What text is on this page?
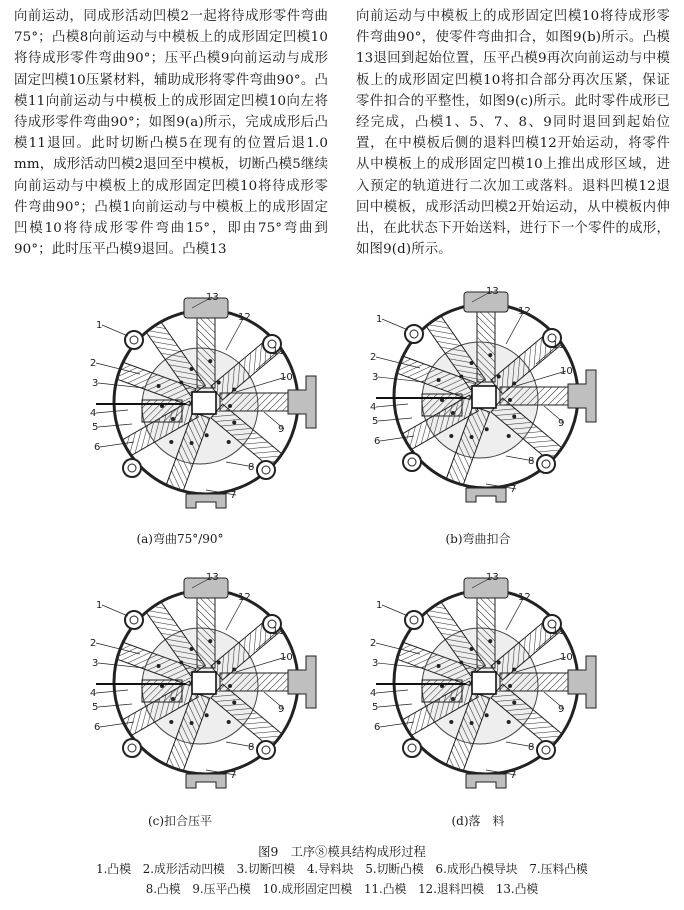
向前运动，同成形活动凹模2一起将待成形零件弯曲75°；凸模8向前运动与中模板上的成形固定凹模10将待成形零件弯曲90°；压平凸模9向前运动与成形固定凹模10压紧材料，辅助成形将零件弯曲90°。凸模11向前运动与中模板上的成形固定凹模10向左将待成形零件弯曲90°；如图9(a)所示，完成成形后凸模11退回。此时切断凸模5在现有的位置后退1.0 mm，成形活动凹模2退回至中模板，切断凸模5继续向前运动与中模板上的成形固定凹模10将待成形零件弯曲90°；凸模1向前运动与中模板上的成形固定凹模10将待成形零件弯曲15°，即由75°弯曲到90°；此时压平凸模9退回。凸模13

向前运动与中模板上的成形固定凹模10将待成形零件弯曲90°，使零件弯曲扣合，如图9(b)所示。凸模13退回到起始位置，压平凸模9再次向前运动与中模板上的成形固定凹模10将扣合部分再次压紧，保证零件扣合的平整性，如图9(c)所示。此时零件成形已经完成，凸模1、5、7、8、9同时退回到起始位置，在中模板后侧的退料凹模12开始运动，将零件从中模板上的成形固定凹模10上推出成形区域，进入预定的轨道进行二次加工或落料。退料凹模12退回中模板，成形活动凹模2开始运动，从中模板内伸出，在此状态下开始送料，进行下一个零件的成形，如图9(d)所示。

1
2
3
4
5
6
7
8
9
10
11
12
13
1
2
3
4
5
6
7
8
9
10
11
12
13
1
2
3
4
5
6
7
8
9
10
11
12
13
1
2
3
4
5
6
7
8
9
10
11
12
13
(a)弯曲75°/90°	(b)弯曲扣合
(c)扣合压平	(d)落　料
图9　工序⑧模具结构成形过程
1.凸模　2.成形活动凹模　3.切断凹模　4.导料块　5.切断凸模　6.成形凸模导块　7.压料凸模
8.凸模　9.压平凸模　10.成形固定凹模　11.凸模　12.退料凹模　13.凸模
